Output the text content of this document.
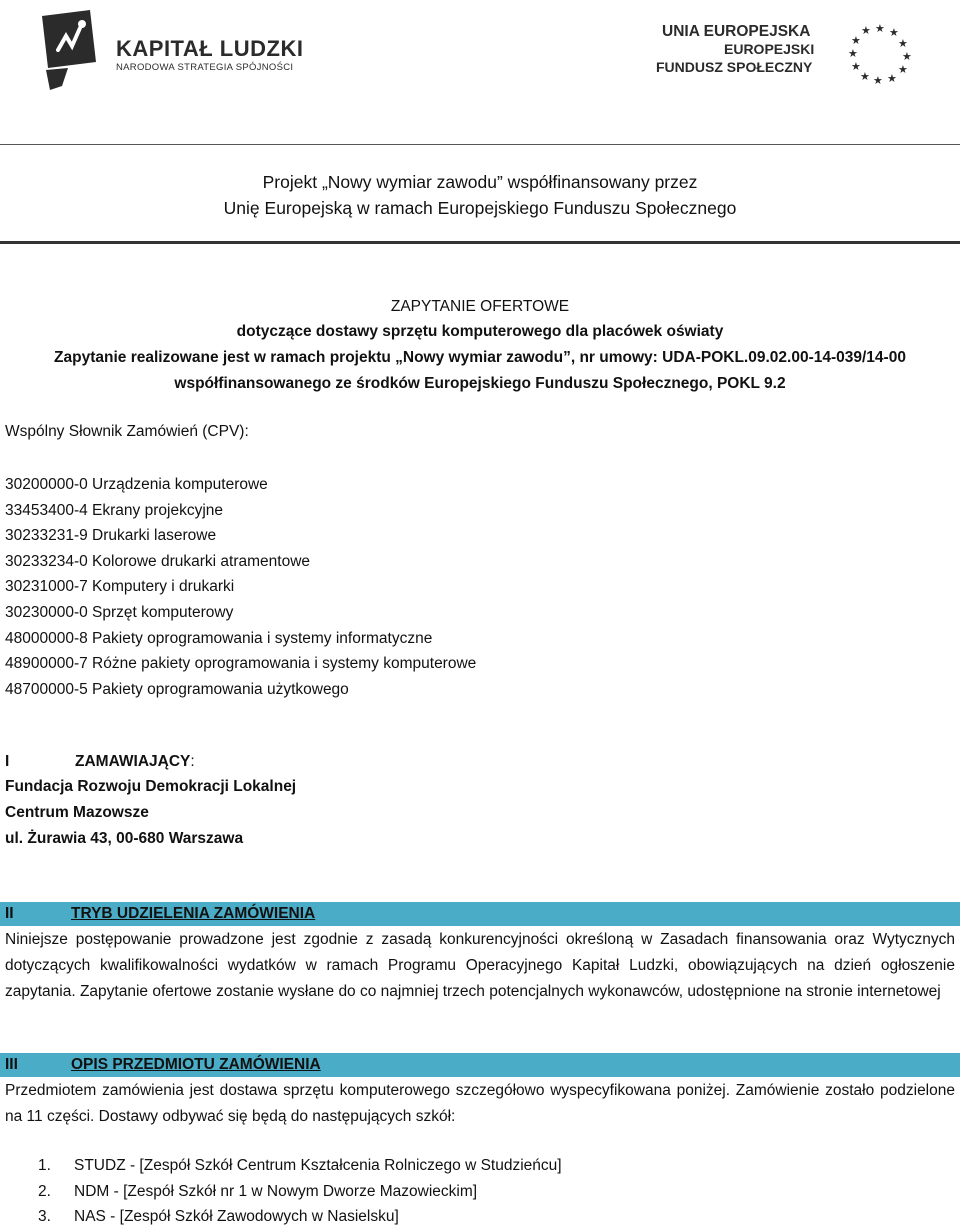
KAPITAŁ LUDZKI
NARODOWA STRATEGIA SPÓJNOŚCI
UNIA EUROPEJSKA
EUROPEJSKI
FUNDUSZ SPOŁECZNY
★ ★
★
★
★
★
★
★
★
★
★
★
Projekt „Nowy wymiar zawodu” współfinansowany przez
Unię Europejską w ramach Europejskiego Funduszu Społecznego
ZAPYTANIE OFERTOWE
dotyczące dostawy sprzętu komputerowego dla placówek oświaty
Zapytanie realizowane jest w ramach projektu „Nowy wymiar zawodu”, nr umowy: UDA-POKL.09.02.00-14-039/14-00
współfinansowanego ze środków Europejskiego Funduszu Społecznego, POKL 9.2
Wspólny Słownik Zamówień (CPV):
30200000-0 Urządzenia komputerowe
33453400-4 Ekrany projekcyjne
30233231-9 Drukarki laserowe
30233234-0 Kolorowe drukarki atramentowe
30231000-7 Komputery i drukarki
30230000-0 Sprzęt komputerowy
48000000-8 Pakiety oprogramowania i systemy informatyczne
48900000-7 Różne pakiety oprogramowania i systemy komputerowe
48700000-5 Pakiety oprogramowania użytkowego
I	ZAMAWIAJĄCY:
Fundacja Rozwoju Demokracji Lokalnej
Centrum Mazowsze
ul. Żurawia 43, 00-680 Warszawa
II	TRYB UDZIELENIA ZAMÓWIENIA
Niniejsze postępowanie prowadzone jest zgodnie z zasadą konkurencyjności określoną w Zasadach finansowania oraz Wytycznych dotyczących kwalifikowalności wydatków w ramach Programu Operacyjnego Kapitał Ludzki, obowiązujących na dzień ogłoszenie zapytania. Zapytanie ofertowe zostanie wysłane do co najmniej trzech potencjalnych wykonawców, udostępnione na stronie internetowej
III	OPIS PRZEDMIOTU ZAMÓWIENIA
Przedmiotem zamówienia jest dostawa sprzętu komputerowego szczegółowo wyspecyfikowana poniżej. Zamówienie zostało podzielone na 11 części. Dostawy odbywać się będą do następujących szkół:
1. STUDZ - [Zespół Szkół Centrum Kształcenia Rolniczego w Studzieńcu]
2. NDM - [Zespół Szkół nr 1 w Nowym Dworze Mazowieckim]
3. NAS - [Zespół Szkół Zawodowych w Nasielsku]
